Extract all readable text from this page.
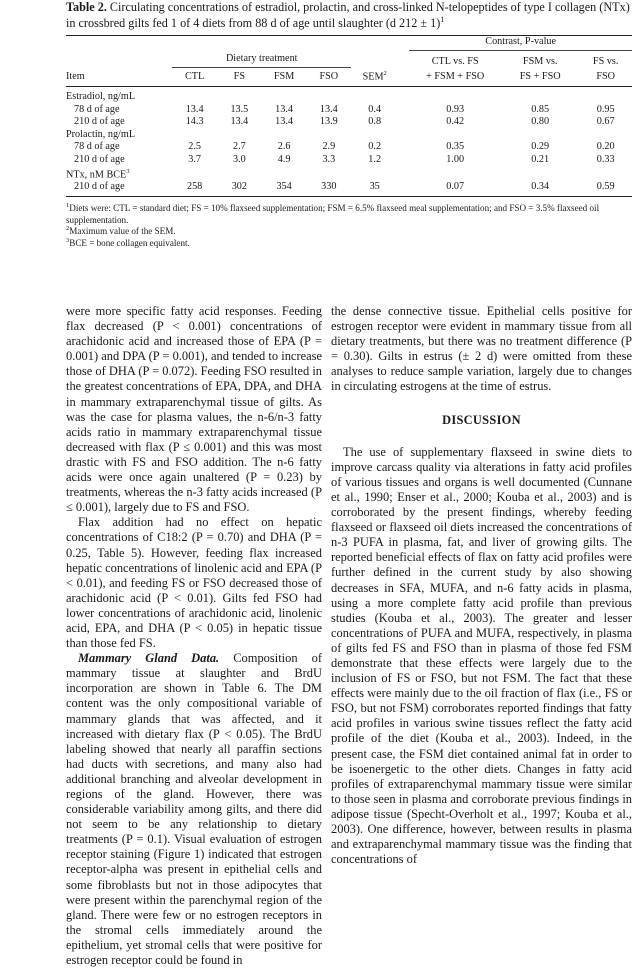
Table 2. Circulating concentrations of estradiol, prolactin, and cross-linked N-telopeptides of type I collagen (NTx) in crossbred gilts fed 1 of 4 diets from 88 d of age until slaughter (d 212 ± 1)$^1$

							Contrast, P-value		
	Dietary treatment						CTL vs. FS	FSM vs.	FS vs.
Item	CTL	FS	FSM	FSO	SEM$^2$		+ FSM + FSO	FS + FSO	FSO

Estradiol, ng/mL									
78 d of age	13.4	13.5	13.4	13.4	0.4		0.93	0.85	0.95
210 d of age	14.3	13.4	13.4	13.9	0.8		0.42	0.80	0.67
Prolactin, ng/mL									
78 d of age	2.5	2.7	2.6	2.9	0.2		0.35	0.29	0.20
210 d of age	3.7	3.0	4.9	3.3	1.2		1.00	0.21	0.33
NTx, nM BCE$^3$	
210 d of age	258	302	354	330	35		0.07	0.34	0.59

$^1$Diets were: CTL = standard diet; FS = 10% flaxseed supplementation; FSM = 6.5% flaxseed meal supplementation; and FSO = 3.5% flaxseed oil supplementation.

$^2$Maximum value of the SEM.

$^3$BCE = bone collagen equivalent.

were more specific fatty acid responses. Feeding flax decreased (P < 0.001) concentrations of arachidonic acid and increased those of EPA (P = 0.001) and DPA (P = 0.001), and tended to increase those of DHA (P = 0.072). Feeding FSO resulted in the greatest concentrations of EPA, DPA, and DHA in mammary extraparenchymal tissue of gilts. As was the case for plasma values, the n-6/n-3 fatty acids ratio in mammary extraparenchymal tissue decreased with flax (P ≤ 0.001) and this was most drastic with FS and FSO addition. The n-6 fatty acids were once again unaltered (P = 0.23) by treatments, whereas the n-3 fatty acids increased (P ≤ 0.001), largely due to FS and FSO.

Flax addition had no effect on hepatic concentrations of C18:2 (P = 0.70) and DHA (P = 0.25, Table 5). However, feeding flax increased hepatic concentrations of linolenic acid and EPA (P < 0.01), and feeding FS or FSO decreased those of arachidonic acid (P < 0.01). Gilts fed FSO had lower concentrations of arachidonic acid, linolenic acid, EPA, and DHA (P < 0.05) in hepatic tissue than those fed FS.

Mammary Gland Data. Composition of mammary tissue at slaughter and BrdU incorporation are shown in Table 6. The DM content was the only compositional variable of mammary glands that was affected, and it increased with dietary flax (P < 0.05). The BrdU labeling showed that nearly all paraffin sections had ducts with secretions, and many also had additional branching and alveolar development in regions of the gland. However, there was considerable variability among gilts, and there did not seem to be any relationship to dietary treatments (P = 0.1). Visual evaluation of estrogen receptor staining (Figure 1) indicated that estrogen receptor-alpha was present in epithelial cells and some fibroblasts but not in those adipocytes that were present within the parenchymal region of the gland. There were few or no estrogen receptors in the stromal cells immediately around the epithelium, yet stromal cells that were positive for estrogen receptor could be found in

the dense connective tissue. Epithelial cells positive for estrogen receptor were evident in mammary tissue from all dietary treatments, but there was no treatment difference (P = 0.30). Gilts in estrus (± 2 d) were omitted from these analyses to reduce sample variation, largely due to changes in circulating estrogens at the time of estrus.

DISCUSSION

The use of supplementary flaxseed in swine diets to improve carcass quality via alterations in fatty acid profiles of various tissues and organs is well documented (Cunnane et al., 1990; Enser et al., 2000; Kouba et al., 2003) and is corroborated by the present findings, whereby feeding flaxseed or flaxseed oil diets increased the concentrations of n-3 PUFA in plasma, fat, and liver of growing gilts. The reported beneficial effects of flax on fatty acid profiles were further defined in the current study by also showing decreases in SFA, MUFA, and n-6 fatty acids in plasma, using a more complete fatty acid profile than previous studies (Kouba et al., 2003). The greater and lesser concentrations of PUFA and MUFA, respectively, in plasma of gilts fed FS and FSO than in plasma of those fed FSM demonstrate that these effects were largely due to the inclusion of FS or FSO, but not FSM. The fact that these effects were mainly due to the oil fraction of flax (i.e., FS or FSO, but not FSM) corroborates reported findings that fatty acid profiles in various swine tissues reflect the fatty acid profile of the diet (Kouba et al., 2003). Indeed, in the present case, the FSM diet contained animal fat in order to be isoenergetic to the other diets. Changes in fatty acid profiles of extraparenchymal mammary tissue were similar to those seen in plasma and corroborate previous findings in adipose tissue (Specht-Overholt et al., 1997; Kouba et al., 2003). One difference, however, between results in plasma and extraparenchymal mammary tissue was the finding that concentrations of
